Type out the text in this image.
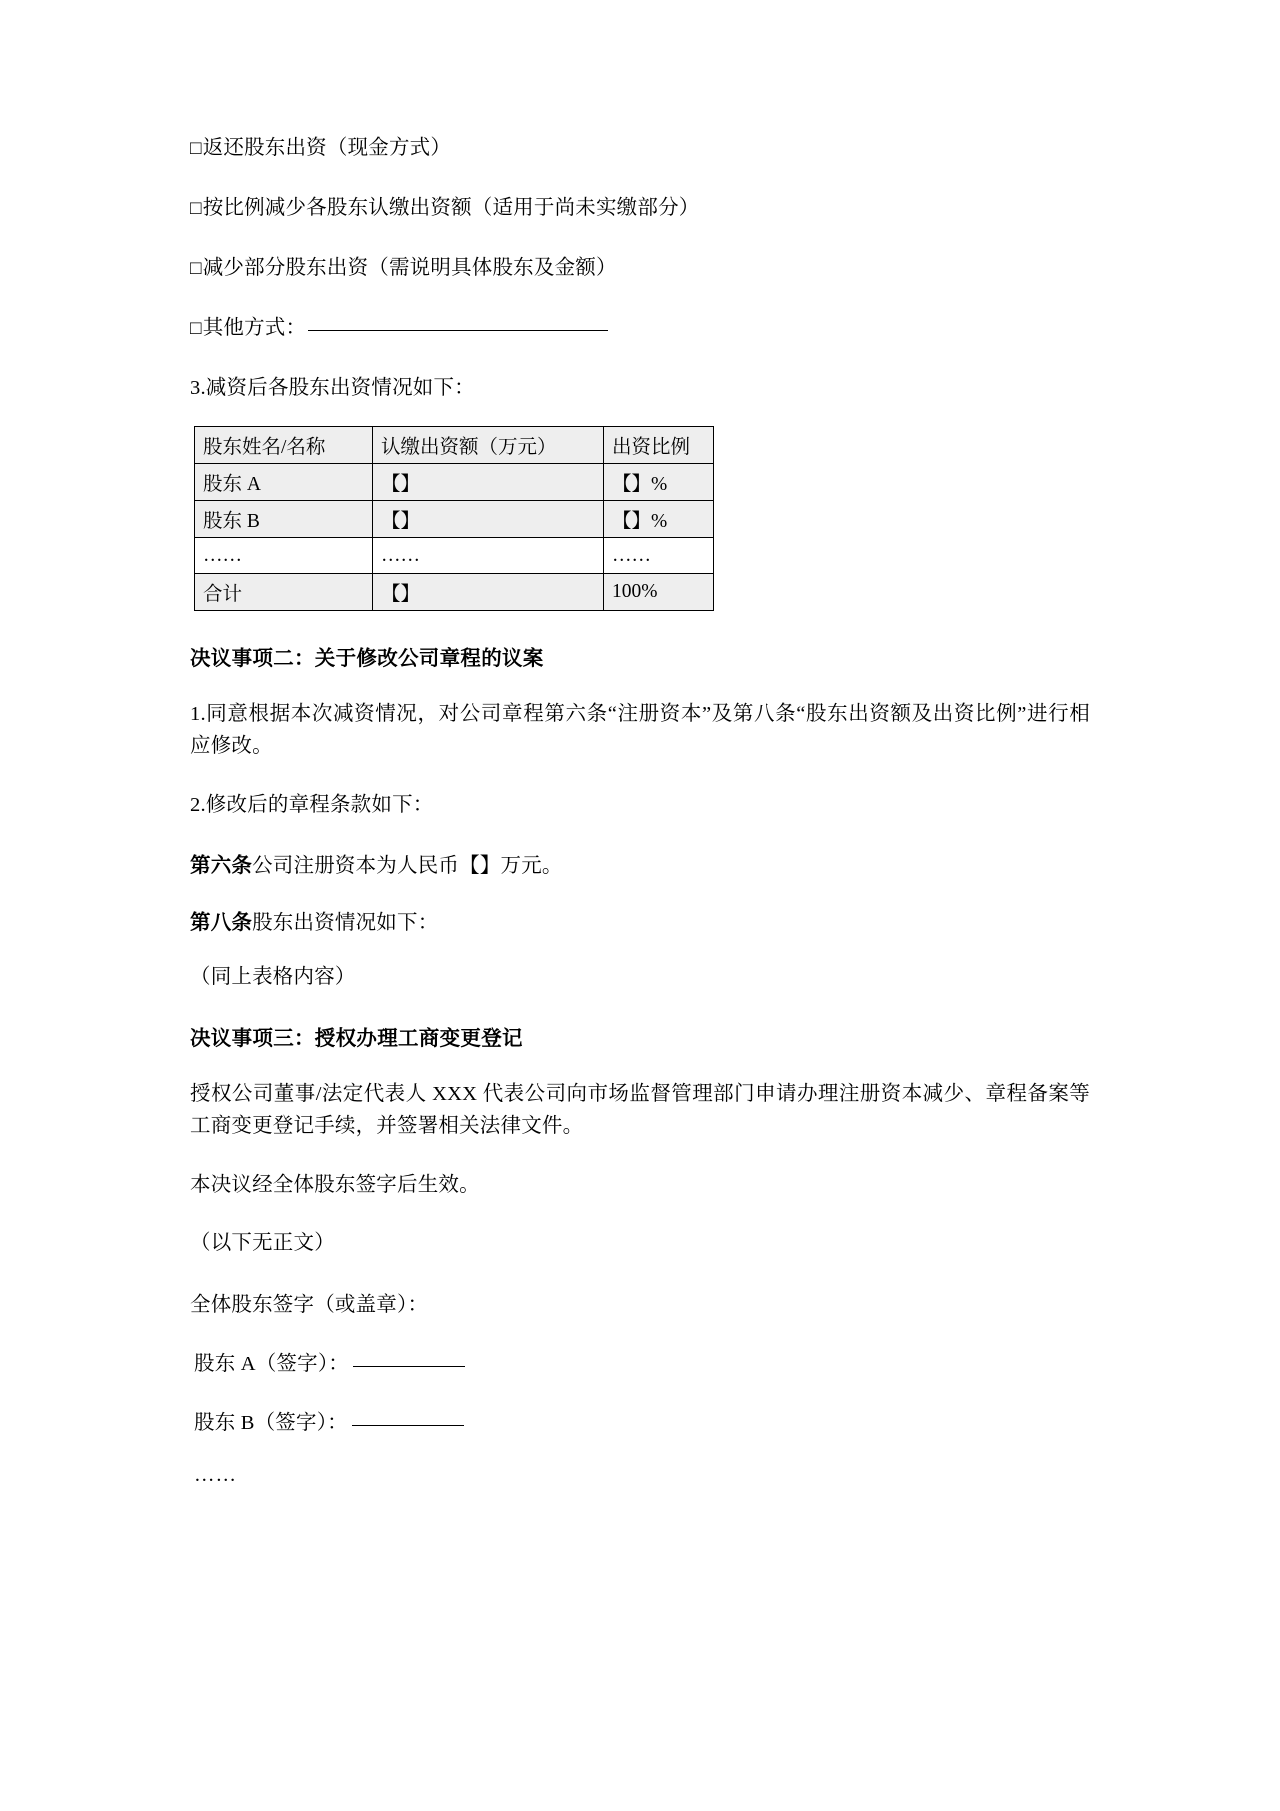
□返还股东出资（现金方式）
□按比例减少各股东认缴出资额（适用于尚未实缴部分）
□减少部分股东出资（需说明具体股东及金额）
□其他方式：
3.减资后各股东出资情况如下：
股东姓名/名称	认缴出资额（万元）	出资比例
股东 A	【】	【】%
股东 B	【】	【】%
……	……	……
合计	【】	100%
决议事项二：关于修改公司章程的议案
1.同意根据本次减资情况，对公司章程第六条“注册资本”及第八条“股东出资额及出资比例”进行相应修改。
2.修改后的章程条款如下：
第六条公司注册资本为人民币【】万元。
第八条股东出资情况如下：
（同上表格内容）
决议事项三：授权办理工商变更登记
授权公司董事/法定代表人 XXX 代表公司向市场监督管理部门申请办理注册资本减少、章程备案等工商变更登记手续，并签署相关法律文件。
本决议经全体股东签字后生效。
（以下无正文）
全体股东签字（或盖章）：
股东 A（签字）：
股东 B（签字）：
……
